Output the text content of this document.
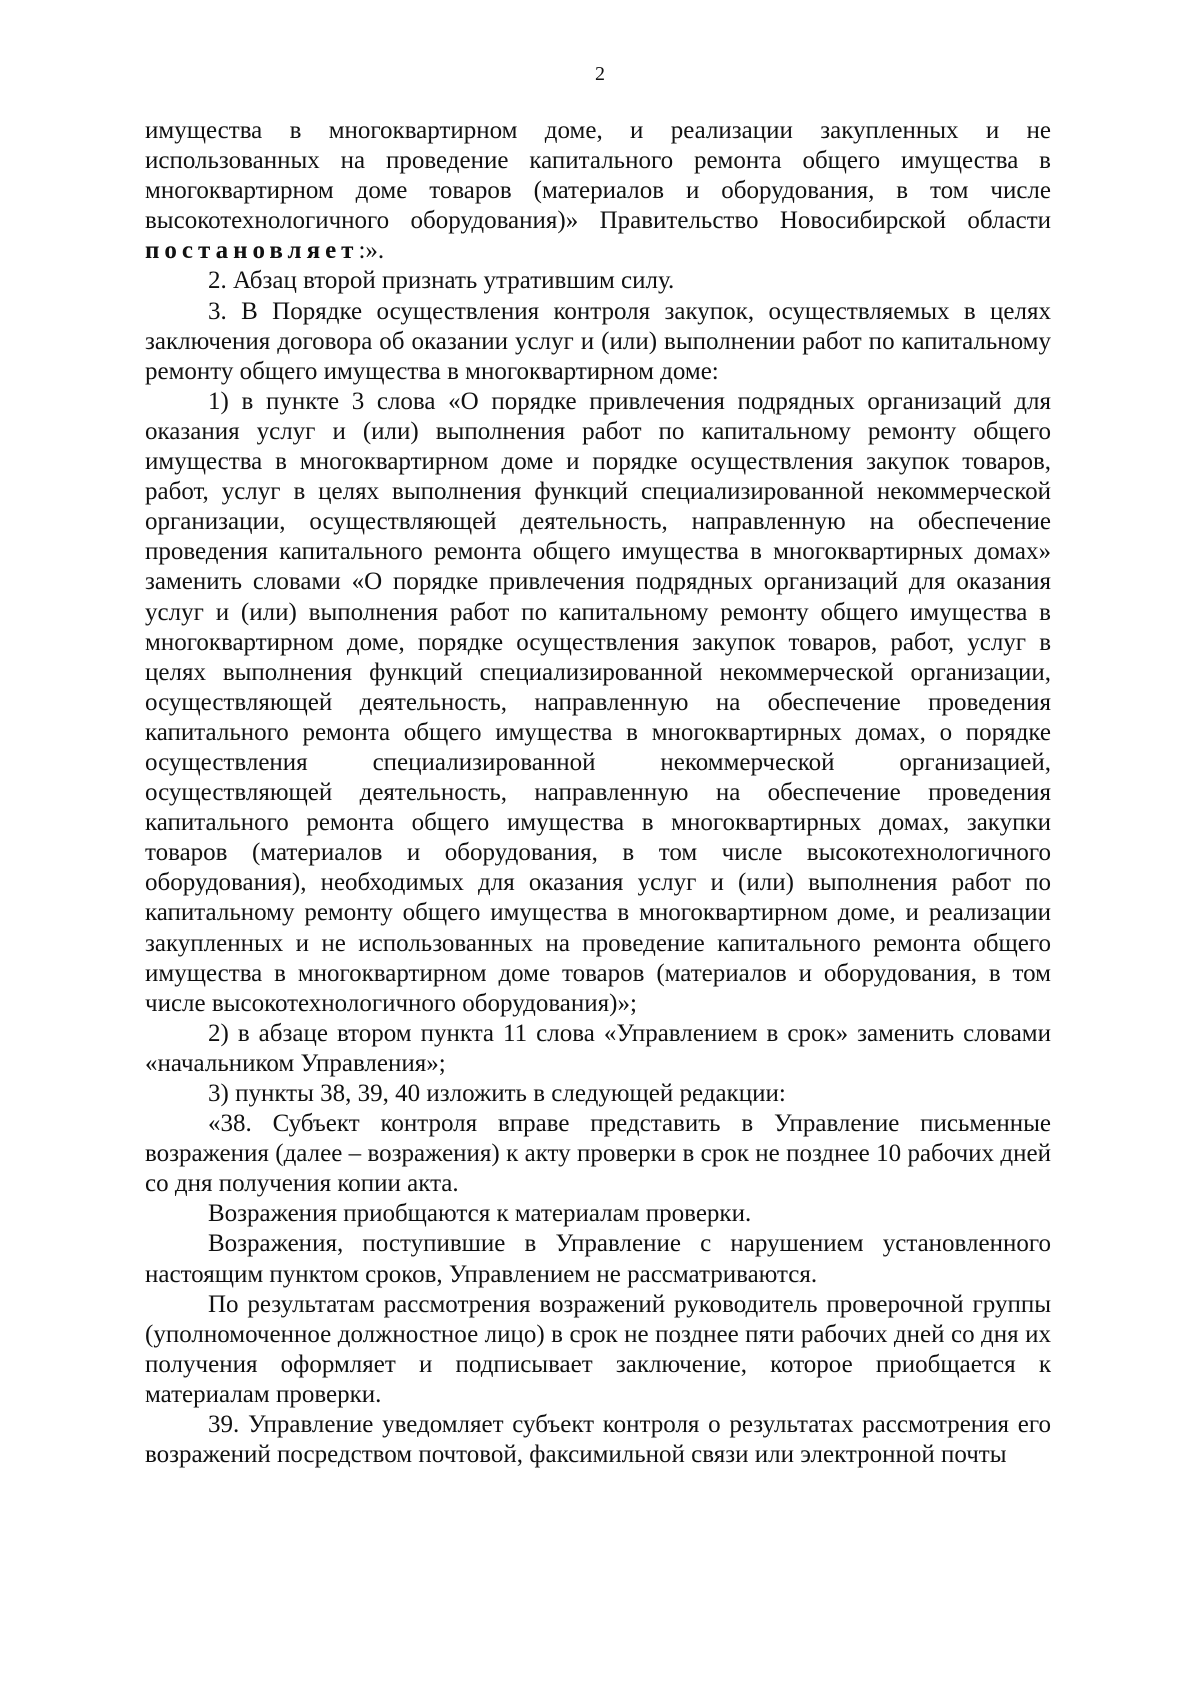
2

имущества в многоквартирном доме, и реализации закупленных и не использованных на проведение капитального ремонта общего имущества в многоквартирном доме товаров (материалов и оборудования, в том числе высокотехнологичного оборудования)» Правительство Новосибирской области постановляет:».

2. Абзац второй признать утратившим силу.

3. В Порядке осуществления контроля закупок, осуществляемых в целях заключения договора об оказании услуг и (или) выполнении работ по капитальному ремонту общего имущества в многоквартирном доме:

1) в пункте 3 слова «О порядке привлечения подрядных организаций для оказания услуг и (или) выполнения работ по капитальному ремонту общего имущества в многоквартирном доме и порядке осуществления закупок товаров, работ, услуг в целях выполнения функций специализированной некоммерческой организации, осуществляющей деятельность, направленную на обеспечение проведения капитального ремонта общего имущества в многоквартирных домах» заменить словами «О порядке привлечения подрядных организаций для оказания услуг и (или) выполнения работ по капитальному ремонту общего имущества в многоквартирном доме, порядке осуществления закупок товаров, работ, услуг в целях выполнения функций специализированной некоммерческой организации, осуществляющей деятельность, направленную на обеспечение проведения капитального ремонта общего имущества в многоквартирных домах, о порядке осуществления специализированной некоммерческой организацией, осуществляющей деятельность, направленную на обеспечение проведения капитального ремонта общего имущества в многоквартирных домах, закупки товаров (материалов и оборудования, в том числе высокотехнологичного оборудования), необходимых для оказания услуг и (или) выполнения работ по капитальному ремонту общего имущества в многоквартирном доме, и реализации закупленных и не использованных на проведение капитального ремонта общего имущества в многоквартирном доме товаров (материалов и оборудования, в том числе высокотехнологичного оборудования)»;

2) в абзаце втором пункта 11 слова «Управлением в срок» заменить словами «начальником Управления»;

3) пункты 38, 39, 40 изложить в следующей редакции:

«38. Субъект контроля вправе представить в Управление письменные возражения (далее – возражения) к акту проверки в срок не позднее 10 рабочих дней со дня получения копии акта.

Возражения приобщаются к материалам проверки.

Возражения, поступившие в Управление с нарушением установленного настоящим пунктом сроков, Управлением не рассматриваются.

По результатам рассмотрения возражений руководитель проверочной группы (уполномоченное должностное лицо) в срок не позднее пяти рабочих дней со дня их получения оформляет и подписывает заключение, которое приобщается к материалам проверки.

39. Управление уведомляет субъект контроля о результатах рассмотрения его возражений посредством почтовой, факсимильной связи или электронной почты
